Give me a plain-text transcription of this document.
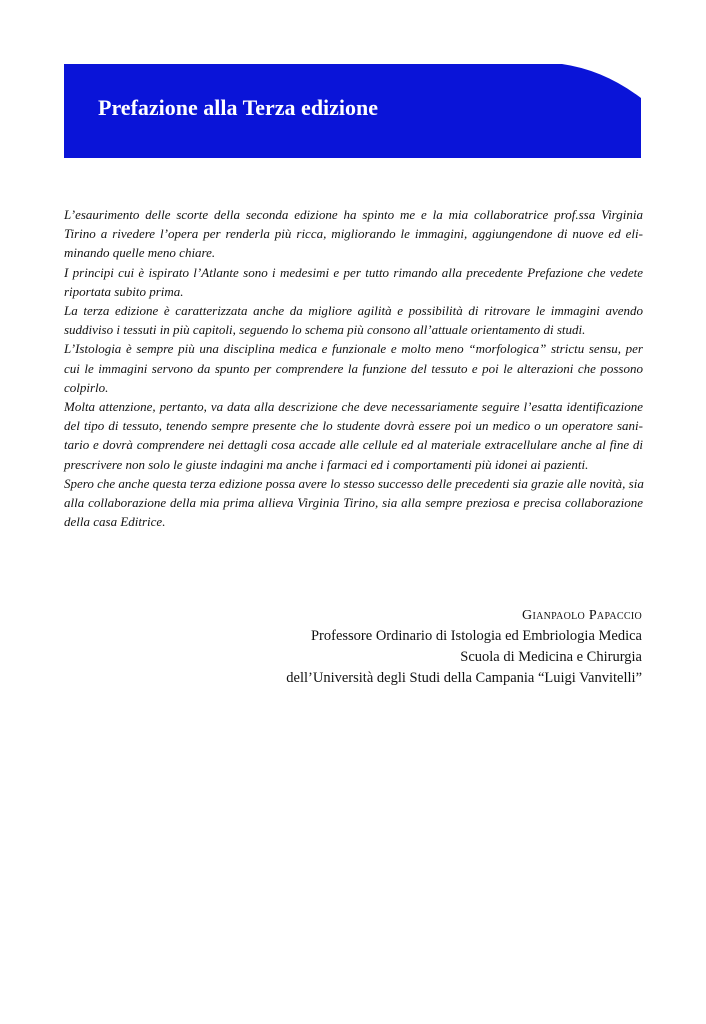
Prefazione alla Terza edizione
L’esaurimento delle scorte della seconda edizione ha spinto me e la mia collaboratrice prof.ssa Virginia
Tirino a rivedere l’opera per renderla più ricca, migliorando le immagini, aggiungendone di nuove ed eli-
minando quelle meno chiare.
I principi cui è ispirato l’Atlante sono i medesimi e per tutto rimando alla precedente Prefazione che vedete
riportata subito prima.
La terza edizione è caratterizzata anche da migliore agilità e possibilità di ritrovare le immagini avendo
suddiviso i tessuti in più capitoli, seguendo lo schema più consono all’attuale orientamento di studi.
L’Istologia è sempre più una disciplina medica e funzionale e molto meno “morfologica” strictu sensu, per
cui le immagini servono da spunto per comprendere la funzione del tessuto e poi le alterazioni che possono
colpirlo.
Molta attenzione, pertanto, va data alla descrizione che deve necessariamente seguire l’esatta identificazione
del tipo di tessuto, tenendo sempre presente che lo studente dovrà essere poi un medico o un operatore sani-
tario e dovrà comprendere nei dettagli cosa accade alle cellule ed al materiale extracellulare anche al fine di
prescrivere non solo le giuste indagini ma anche i farmaci ed i comportamenti più idonei ai pazienti.
Spero che anche questa terza edizione possa avere lo stesso successo delle precedenti sia grazie alle novità, sia
alla collaborazione della mia prima allieva Virginia Tirino, sia alla sempre preziosa e precisa collaborazione
della casa Editrice.
Gianpaolo Papaccio
Professore Ordinario di Istologia ed Embriologia Medica
Scuola di Medicina e Chirurgia
dell’Università degli Studi della Campania “Luigi Vanvitelli”
